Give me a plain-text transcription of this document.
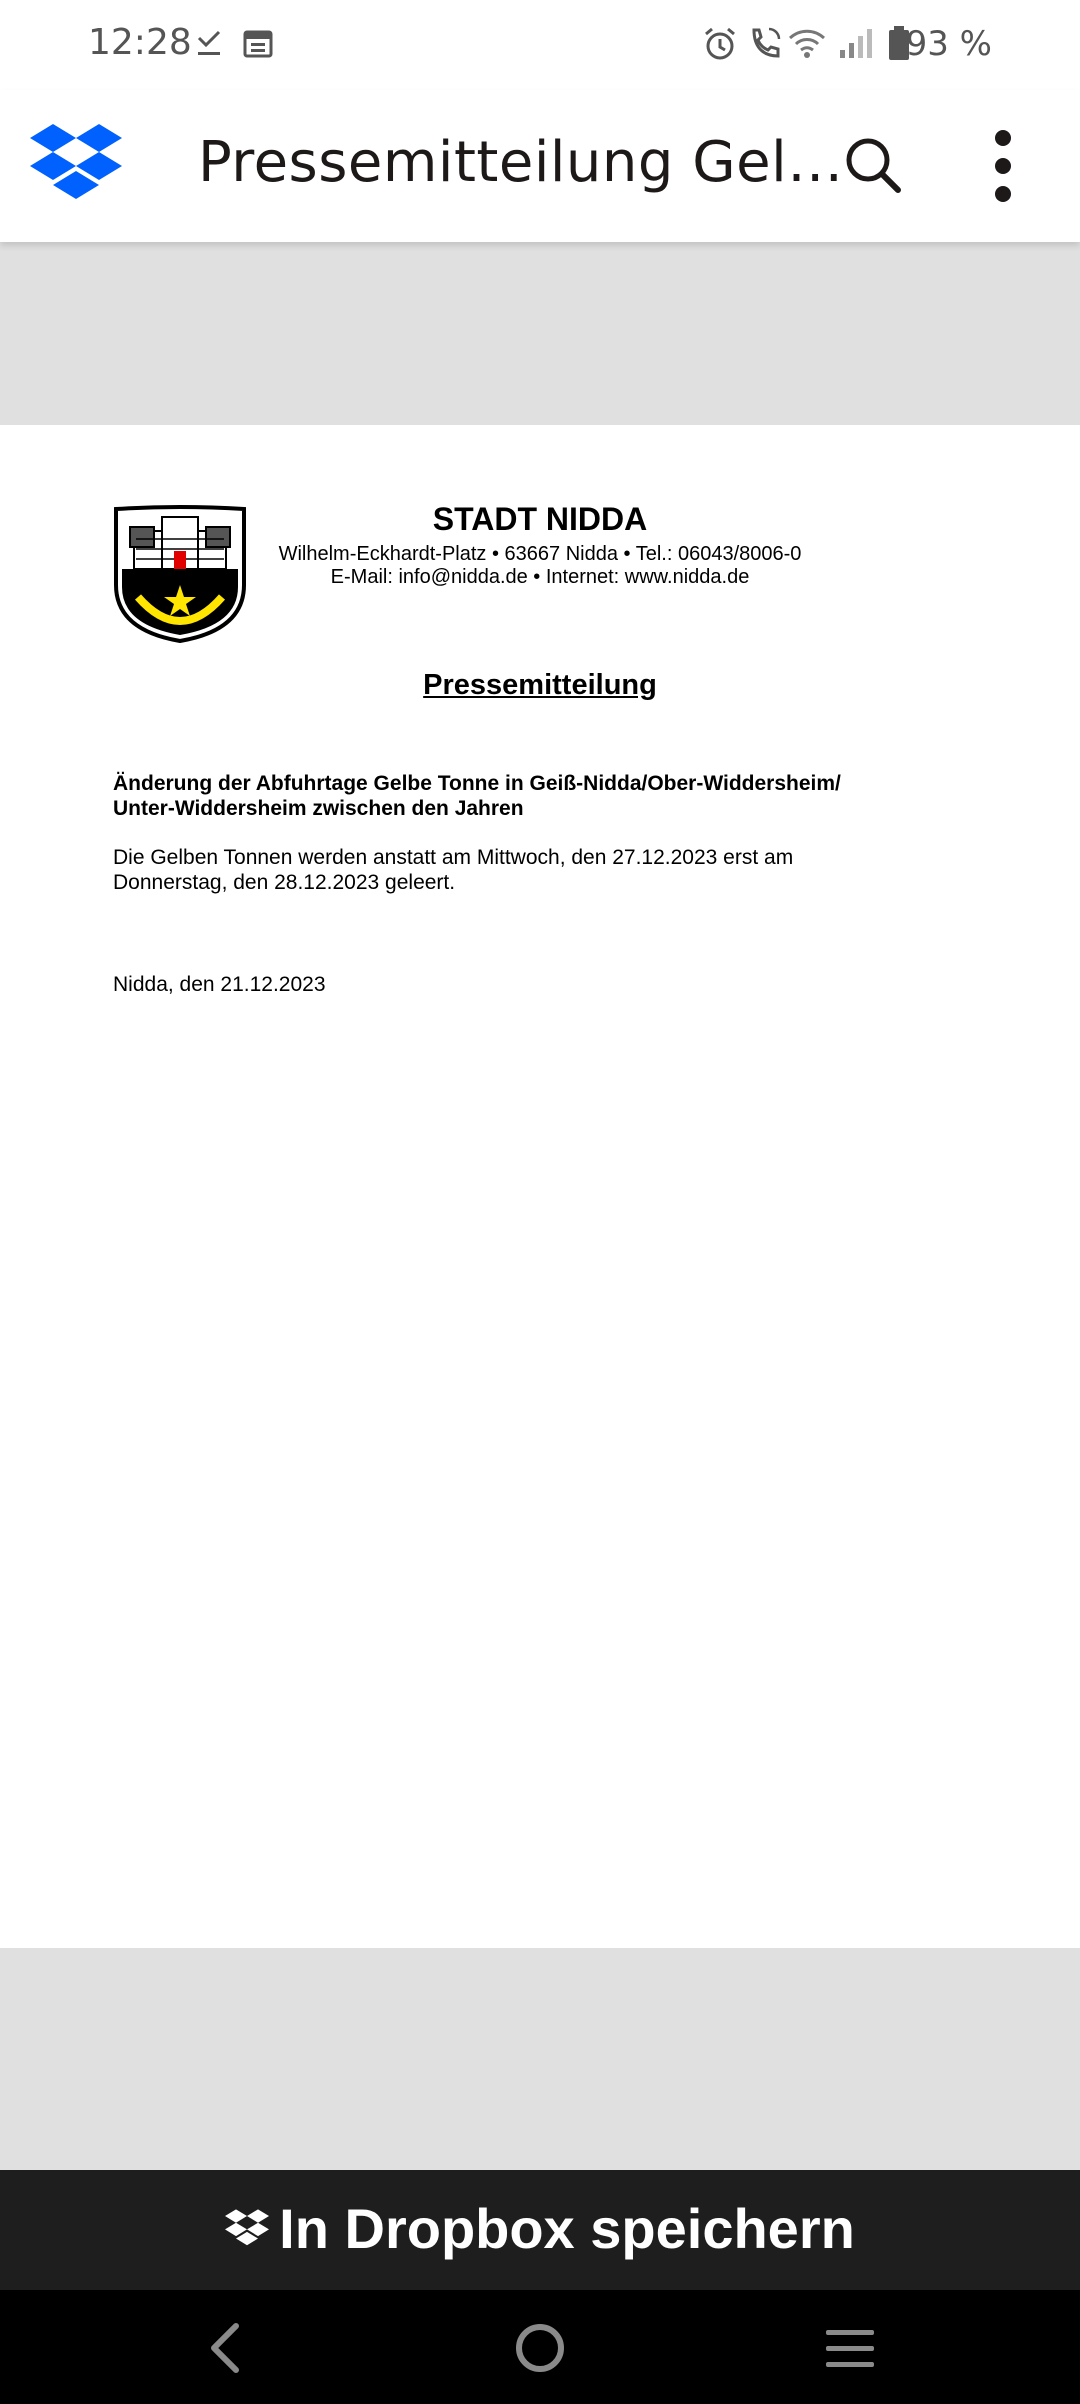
12:28	93 %
Pressemitteilung Gel…
STADT NIDDA
Wilhelm-Eckhardt-Platz • 63667 Nidda • Tel.: 06043/8006-0
E-Mail: info@nidda.de • Internet: www.nidda.de
Pressemitteilung
Änderung der Abfuhrtage Gelbe Tonne in Geiß-Nidda/Ober-Widdersheim/
Unter-Widdersheim zwischen den Jahren
Die Gelben Tonnen werden anstatt am Mittwoch, den 27.12.2023 erst am
Donnerstag, den 28.12.2023 geleert.
Nidda, den 21.12.2023
In Dropbox speichern
